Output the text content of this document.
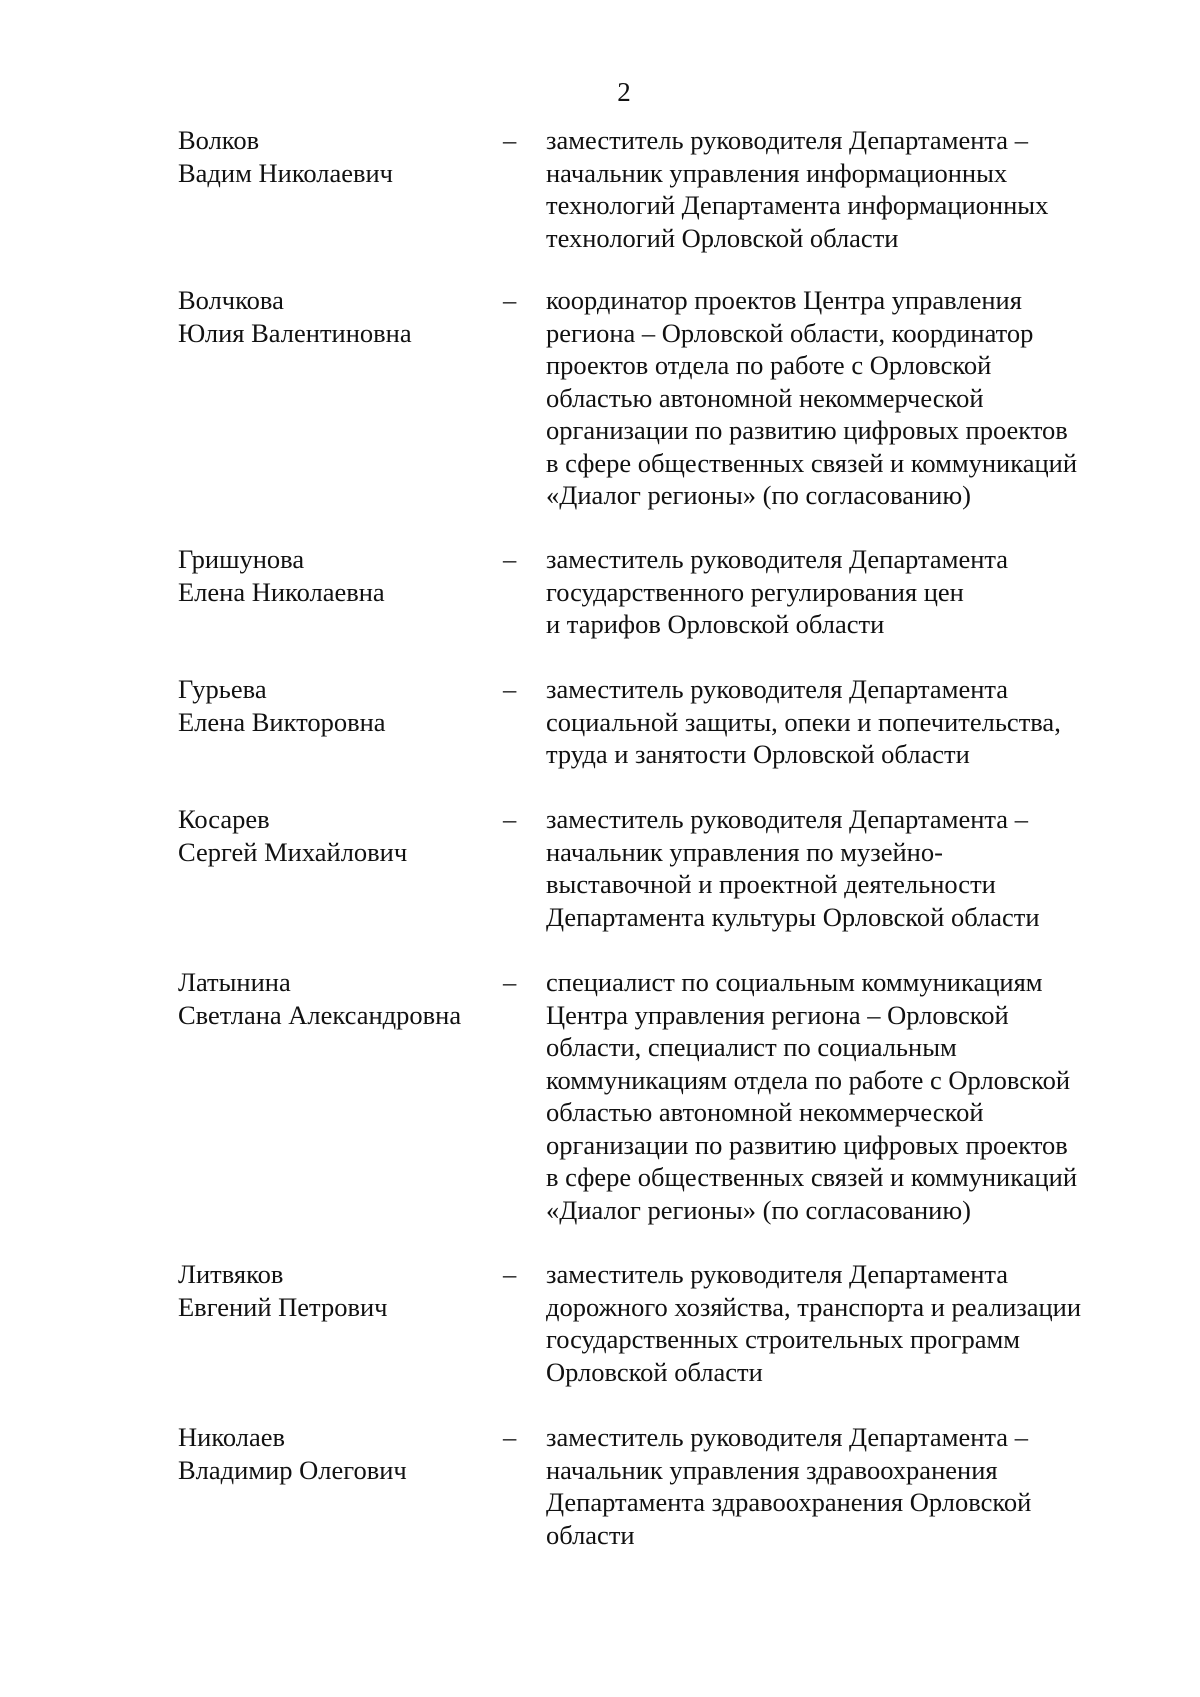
2
Волков
Вадим Николаевич
– заместитель руководителя Департамента –
начальник управления информационных
технологий Департамента информационных
технологий Орловской области
Волчкова
Юлия Валентиновна
– координатор проектов Центра управления
региона – Орловской области, координатор
проектов отдела по работе с Орловской
областью автономной некоммерческой
организации по развитию цифровых проектов
в сфере общественных связей и коммуникаций
«Диалог регионы» (по согласованию)
Гришунова
Елена Николаевна
– заместитель руководителя Департамента
государственного регулирования цен
и тарифов Орловской области
Гурьева
Елена Викторовна
– заместитель руководителя Департамента
социальной защиты, опеки и попечительства,
труда и занятости Орловской области
Косарев
Сергей Михайлович
– заместитель руководителя Департамента –
начальник управления по музейно-
выставочной и проектной деятельности
Департамента культуры Орловской области
Латынина
Светлана Александровна
– специалист по социальным коммуникациям
Центра управления региона – Орловской
области, специалист по социальным
коммуникациям отдела по работе с Орловской
областью автономной некоммерческой
организации по развитию цифровых проектов
в сфере общественных связей и коммуникаций
«Диалог регионы» (по согласованию)
Литвяков
Евгений Петрович
– заместитель руководителя Департамента
дорожного хозяйства, транспорта и реализации
государственных строительных программ
Орловской области
Николаев
Владимир Олегович
– заместитель руководителя Департамента –
начальник управления здравоохранения
Департамента здравоохранения Орловской
области
